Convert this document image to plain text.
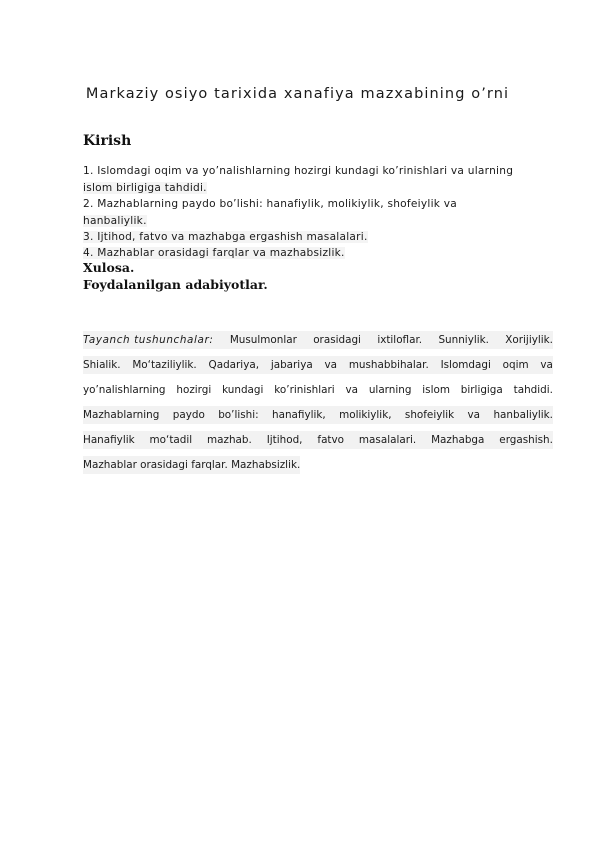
Markaziy osiyo tarixida xanafiya mazxabining o’rni
Kirish
1. Islomdagi oqim va yo’nalishlarning hozirgi kundagi ko’rinishlari va ularning
islom birligiga tahdidi.
2. Mazhablarning paydo bo’lishi: hanafiylik, molikiylik, shofeiylik va
hanbaliylik.
3. Ijtihod, fatvo va mazhabga ergashish masalalari.
4. Mazhablar orasidagi farqlar va mazhabsizlik.
Xulosa.
Foydalanilgan adabiyotlar.
Tayanch tushunchalar: Musulmonlar orasidagi ixtiloflar. Sunniylik. Xorijiylik.
Shialik. Mo‘taziliylik. Qadariya, jabariya va mushabbihalar. Islomdagi oqim va
yo’nalishlarning hozirgi kundagi ko’rinishlari va ularning islom birligiga tahdidi.
Mazhablarning paydo bo’lishi: hanafiylik, molikiylik, shofeiylik va hanbaliylik.
Hanafiylik mo‘tadil mazhab. Ijtihod, fatvo masalalari. Mazhabga ergashish.
Mazhablar orasidagi farqlar. Mazhabsizlik.
